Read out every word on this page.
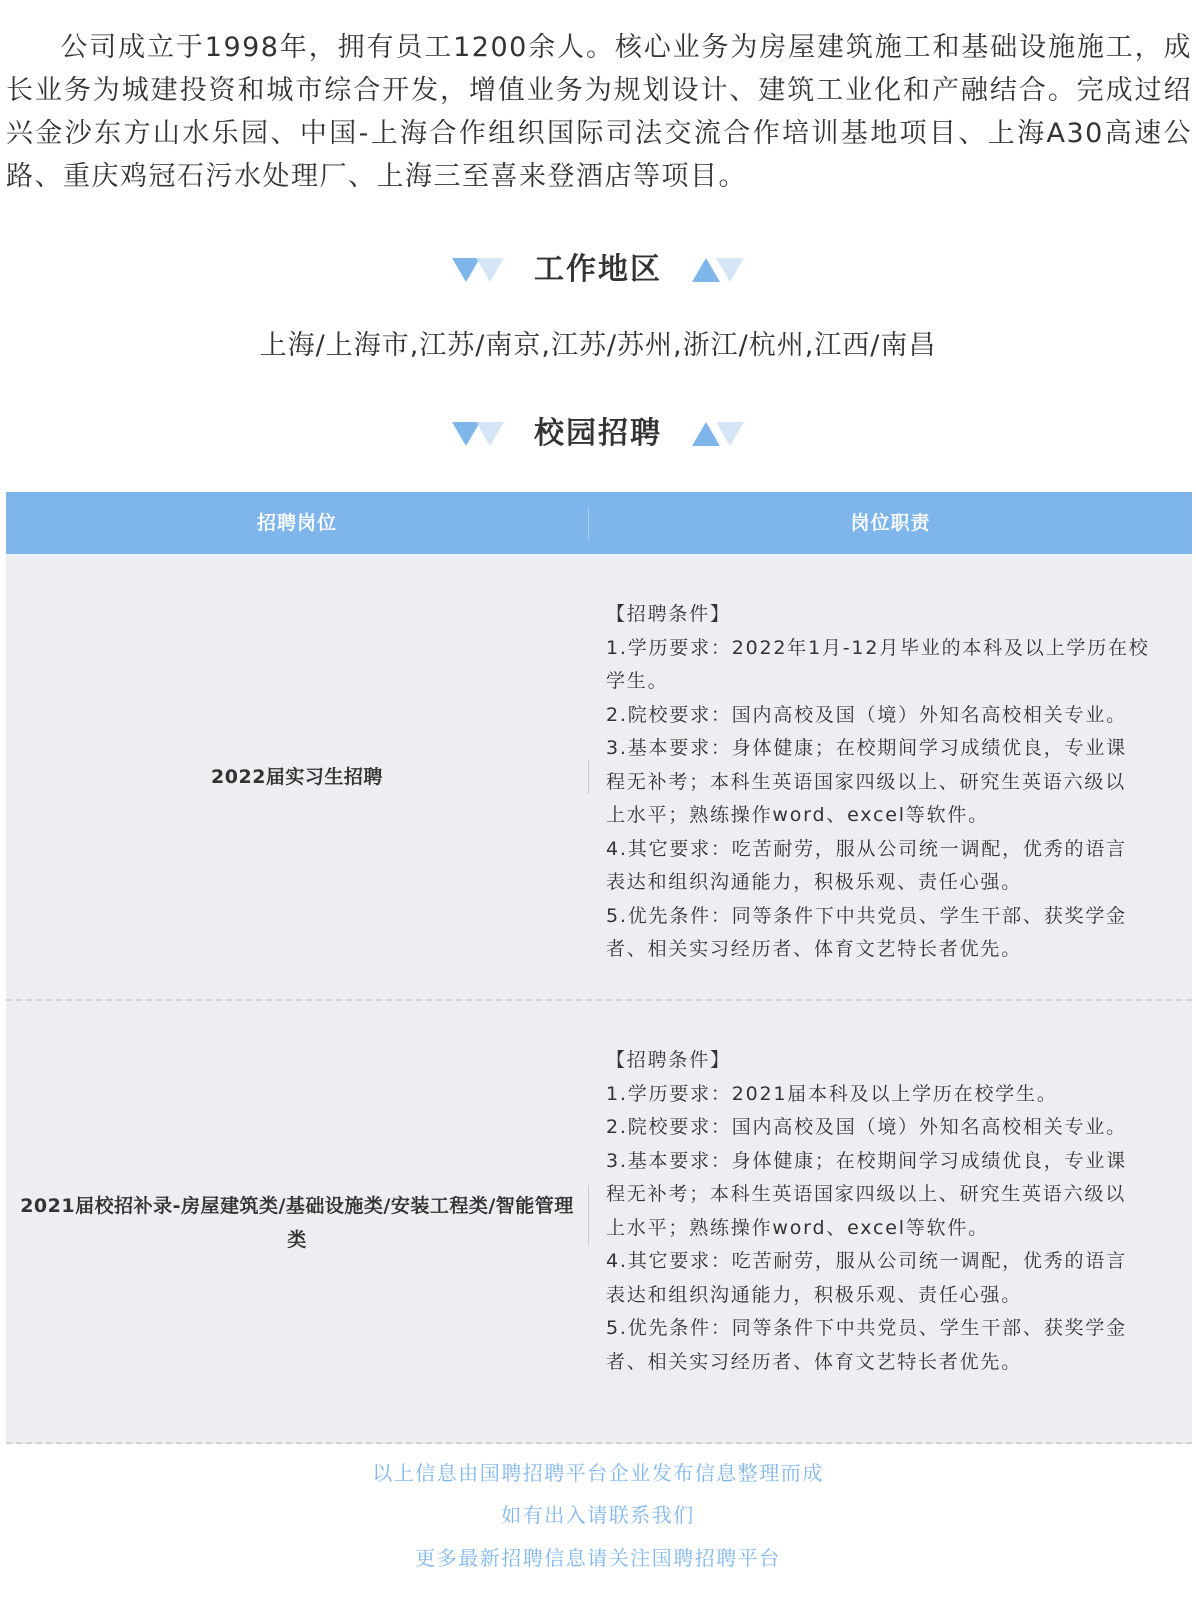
公司成立于1998年，拥有员工1200余人。核心业务为房屋建筑施工和基础设施施工，成长业务为城建投资和城市综合开发，增值业务为规划设计、建筑工业化和产融结合。完成过绍兴金沙东方山水乐园、中国-上海合作组织国际司法交流合作培训基地项目、上海A30高速公路、重庆鸡冠石污水处理厂、上海三至喜来登酒店等项目。

工作地区
上海/上海市,江苏/南京,江苏/苏州,浙江/杭州,江西/南昌
校园招聘
招聘岗位	岗位职责
2022届实习生招聘
【招聘条件】
1.学历要求：2022年1月-12月毕业的本科及以上学历在校
学生。
2.院校要求：国内高校及国（境）外知名高校相关专业。
3.基本要求：身体健康；在校期间学习成绩优良，专业课
程无补考；本科生英语国家四级以上、研究生英语六级以
上水平；熟练操作word、excel等软件。
4.其它要求：吃苦耐劳，服从公司统一调配，优秀的语言
表达和组织沟通能力，积极乐观、责任心强。
5.优先条件：同等条件下中共党员、学生干部、获奖学金
者、相关实习经历者、体育文艺特长者优先。
2021届校招补录-房屋建筑类/基础设施类/安装工程类/智能管理类
【招聘条件】
1.学历要求：2021届本科及以上学历在校学生。
2.院校要求：国内高校及国（境）外知名高校相关专业。
3.基本要求：身体健康；在校期间学习成绩优良，专业课
程无补考；本科生英语国家四级以上、研究生英语六级以
上水平；熟练操作word、excel等软件。
4.其它要求：吃苦耐劳，服从公司统一调配，优秀的语言
表达和组织沟通能力，积极乐观、责任心强。
5.优先条件：同等条件下中共党员、学生干部、获奖学金
者、相关实习经历者、体育文艺特长者优先。
以上信息由国聘招聘平台企业发布信息整理而成
如有出入请联系我们
更多最新招聘信息请关注国聘招聘平台
